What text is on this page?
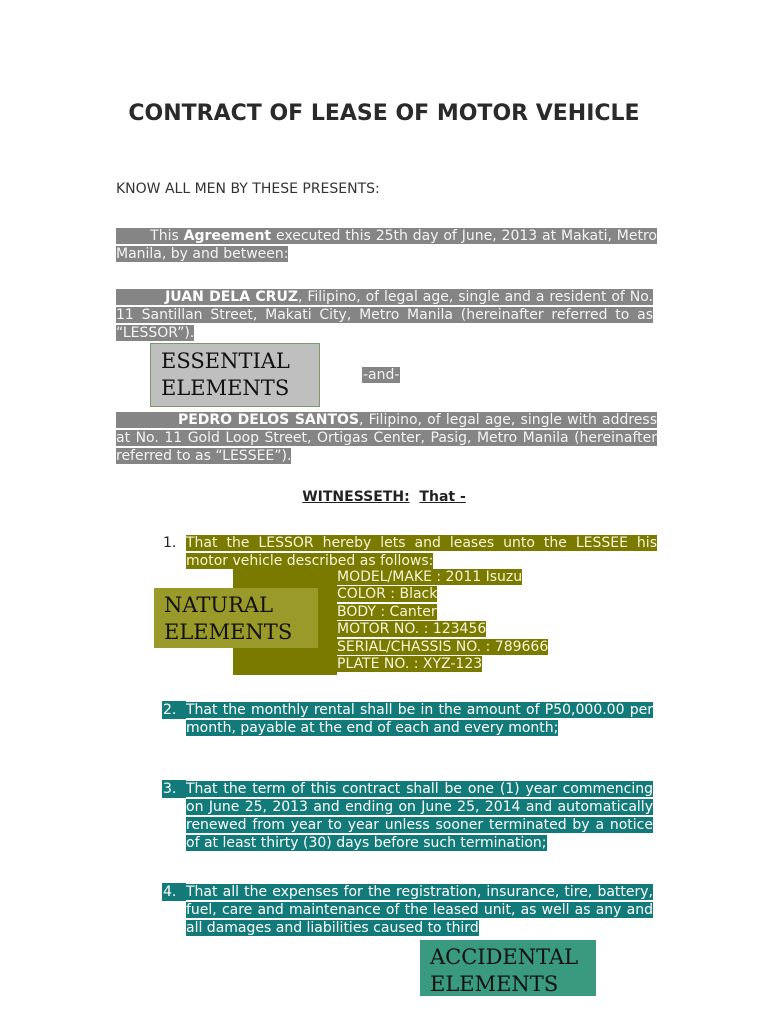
CONTRACT OF LEASE OF MOTOR VEHICLE
KNOW ALL MEN BY THESE PRESENTS:
This Agreement executed this 25th day of June, 2013 at Makati, Metro Manila, by and between:
JUAN DELA CRUZ, Filipino, of legal age, single and a resident of No. 11 Santillan Street, Makati City, Metro Manila (hereinafter referred to as “LESSOR”).
ESSENTIAL
ELEMENTS
-and-
PEDRO DELOS SANTOS, Filipino, of legal age, single with address at No. 11 Gold Loop Street, Ortigas Center, Pasig, Metro Manila (hereinafter referred to as “LESSEE”).
WITNESSETH: That -
1. That the LESSOR hereby lets and leases unto the LESSEE his motor vehicle described as follows:
MODEL/MAKE : 2011 Isuzu
COLOR : Black
BODY : Canter
MOTOR NO. : 123456
SERIAL/CHASSIS NO. : 789666
PLATE NO. : XYZ-123
NATURAL
ELEMENTS
2. That the monthly rental shall be in the amount of P50,000.00 per month, payable at the end of each and every month;
3. That the term of this contract shall be one (1) year commencing on June 25, 2013 and ending on June 25, 2014 and automatically renewed from year to year unless sooner terminated by a notice of at least thirty (30) days before such termination;
4. That all the expenses for the registration, insurance, tire, battery, fuel, care and maintenance of the leased unit, as well as any and all damages and liabilities caused to third
ACCIDENTAL
ELEMENTS
